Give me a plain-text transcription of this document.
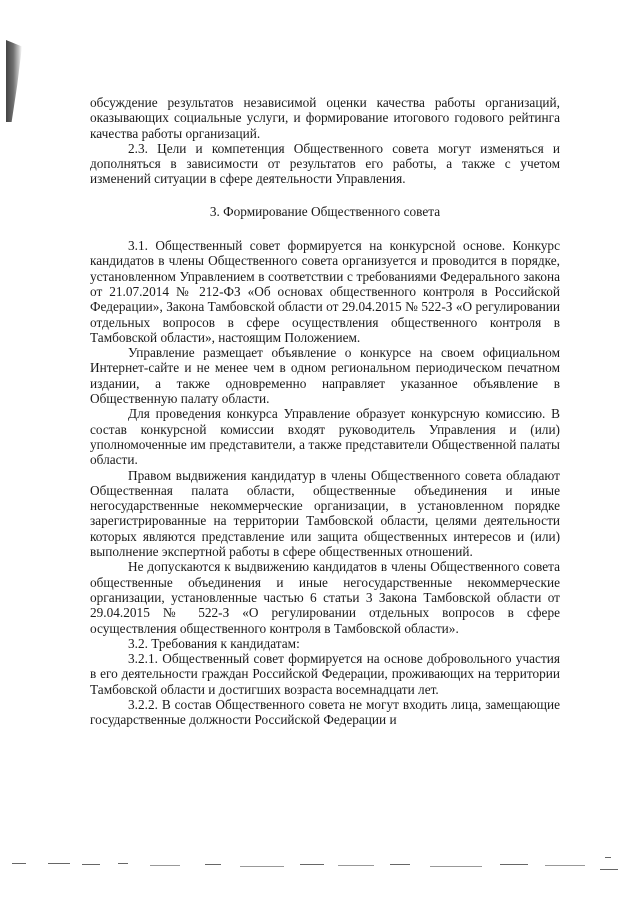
обсуждение результатов независимой оценки качества работы организаций, оказывающих социальные услуги, и формирование итогового годового рейтинга качества работы организаций.

2.3. Цели и компетенция Общественного совета могут изменяться и дополняться в зависимости от результатов его работы, а также с учетом изменений ситуации в сфере деятельности Управления.

3. Формирование Общественного совета

3.1. Общественный совет формируется на конкурсной основе. Конкурс кандидатов в члены Общественного совета организуется и проводится в порядке, установленном Управлением в соответствии с требованиями Федерального закона от 21.07.2014 № 212-ФЗ «Об основах общественного контроля в Российской Федерации», Закона Тамбовской области от 29.04.2015 № 522-З «О регулировании отдельных вопросов в сфере осуществления общественного контроля в Тамбовской области», настоящим Положением.

Управление размещает объявление о конкурсе на своем официальном Интернет-сайте и не менее чем в одном региональном периодическом печатном издании, а также одновременно направляет указанное объявление в Общественную палату области.

Для проведения конкурса Управление образует конкурсную комиссию. В состав конкурсной комиссии входят руководитель Управления и (или) уполномоченные им представители, а также представители Общественной палаты области.

Правом выдвижения кандидатур в члены Общественного совета обладают Общественная палата области, общественные объединения и иные негосударственные некоммерческие организации, в установленном порядке зарегистрированные на территории Тамбовской области, целями деятельности которых являются представление или защита общественных интересов и (или) выполнение экспертной работы в сфере общественных отношений.

Не допускаются к выдвижению кандидатов в члены Общественного совета общественные объединения и иные негосударственные некоммерческие организации, установленные частью 6 статьи 3 Закона Тамбовской области от 29.04.2015 № 522-З «О регулировании отдельных вопросов в сфере осуществления общественного контроля в Тамбовской области».

3.2. Требования к кандидатам:

3.2.1. Общественный совет формируется на основе добровольного участия в его деятельности граждан Российской Федерации, проживающих на территории Тамбовской области и достигших возраста восемнадцати лет.

3.2.2. В состав Общественного совета не могут входить лица, замещающие государственные должности Российской Федерации и
